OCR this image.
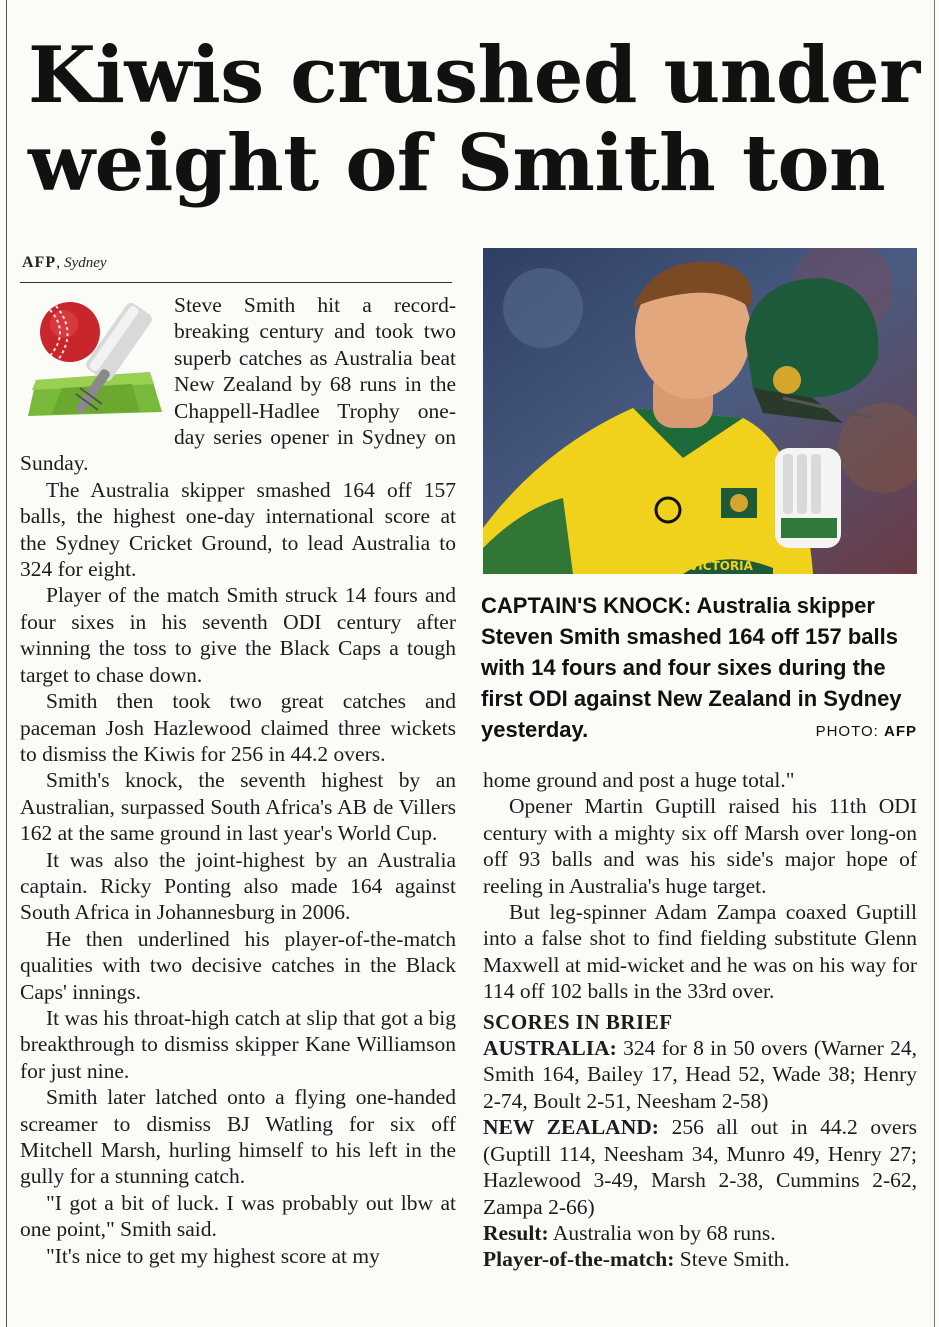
Kiwis crushed under
weight of Smith ton
AFP, Sydney

Steve Smith hit a record-breaking century and took two superb catches as Australia beat New Zealand by 68 runs in the Chappell-Hadlee Trophy one-day series opener in Sydney on Sunday.

The Australia skipper smashed 164 off 157 balls, the highest one-day international score at the Sydney Cricket Ground, to lead Australia to 324 for eight.

Player of the match Smith struck 14 fours and four sixes in his seventh ODI century after winning the toss to give the Black Caps a tough target to chase down.

Smith then took two great catches and paceman Josh Hazlewood claimed three wickets to dismiss the Kiwis for 256 in 44.2 overs.

Smith's knock, the seventh highest by an Australian, surpassed South Africa's AB de Villers 162 at the same ground in last year's World Cup.

It was also the joint-highest by an Australia captain. Ricky Ponting also made 164 against South Africa in Johannesburg in 2006.

He then underlined his player-of-the-match qualities with two decisive catches in the Black Caps' innings.

It was his throat-high catch at slip that got a big breakthrough to dismiss skipper Kane Williamson for just nine.

Smith later latched onto a flying one-handed screamer to dismiss BJ Watling for six off Mitchell Marsh, hurling himself to his left in the gully for a stunning catch.

"I got a bit of luck. I was probably out lbw at one point," Smith said.

"It's nice to get my highest score at my

VICTORIA
CAPTAIN'S KNOCK: Australia skipper Steven Smith smashed 164 off 157 balls with 14 fours and four sixes during the first ODI against New Zealand in Sydney yesterday.	PHOTO: AFP

home ground and post a huge total."

Opener Martin Guptill raised his 11th ODI century with a mighty six off Marsh over long-on off 93 balls and was his side's major hope of reeling in Australia's huge target.

But leg-spinner Adam Zampa coaxed Guptill into a false shot to find fielding substitute Glenn Maxwell at mid-wicket and he was on his way for 114 off 102 balls in the 33rd over.

SCORES IN BRIEF

AUSTRALIA: 324 for 8 in 50 overs (Warner 24, Smith 164, Bailey 17, Head 52, Wade 38; Henry 2-74, Boult 2-51, Neesham 2-58)

NEW ZEALAND: 256 all out in 44.2 overs (Guptill 114, Neesham 34, Munro 49, Henry 27; Hazlewood 3-49, Marsh 2-38, Cummins 2-62, Zampa 2-66)

Result: Australia won by 68 runs.

Player-of-the-match: Steve Smith.
